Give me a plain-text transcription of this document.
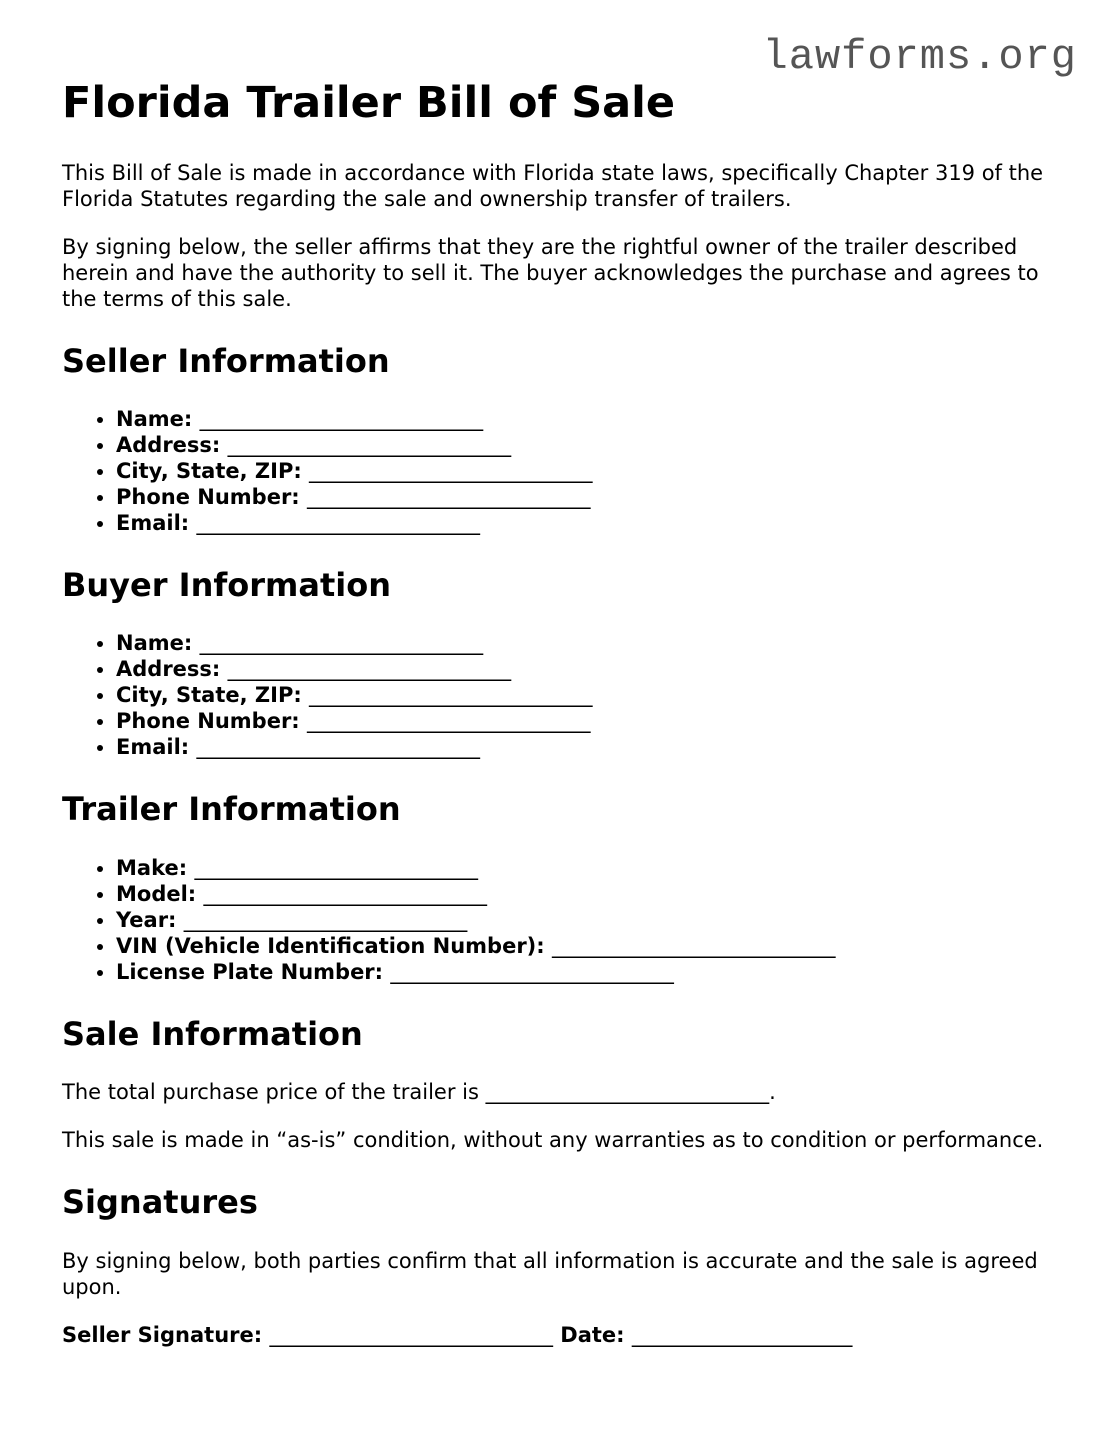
lawforms.org
Florida Trailer Bill of Sale

This Bill of Sale is made in accordance with Florida state laws, specifically Chapter 319 of the Florida Statutes regarding the sale and ownership transfer of trailers.

By signing below, the seller affirms that they are the rightful owner of the trailer described herein and have the authority to sell it. The buyer acknowledges the purchase and agrees to the terms of this sale.

Seller Information
• Name: ___________________________
• Address: ___________________________
• City, State, ZIP: ___________________________
• Phone Number: ___________________________
• Email: ___________________________
Buyer Information
• Name: ___________________________
• Address: ___________________________
• City, State, ZIP: ___________________________
• Phone Number: ___________________________
• Email: ___________________________
Trailer Information
• Make: ___________________________
• Model: ___________________________
• Year: ___________________________
• VIN (Vehicle Identification Number): ___________________________
• License Plate Number: ___________________________
Sale Information

The total purchase price of the trailer is ___________________________.

This sale is made in “as-is” condition, without any warranties as to condition or performance.

Signatures

By signing below, both parties confirm that all information is accurate and the sale is agreed upon.

Seller Signature: ___________________________ Date: _____________________
